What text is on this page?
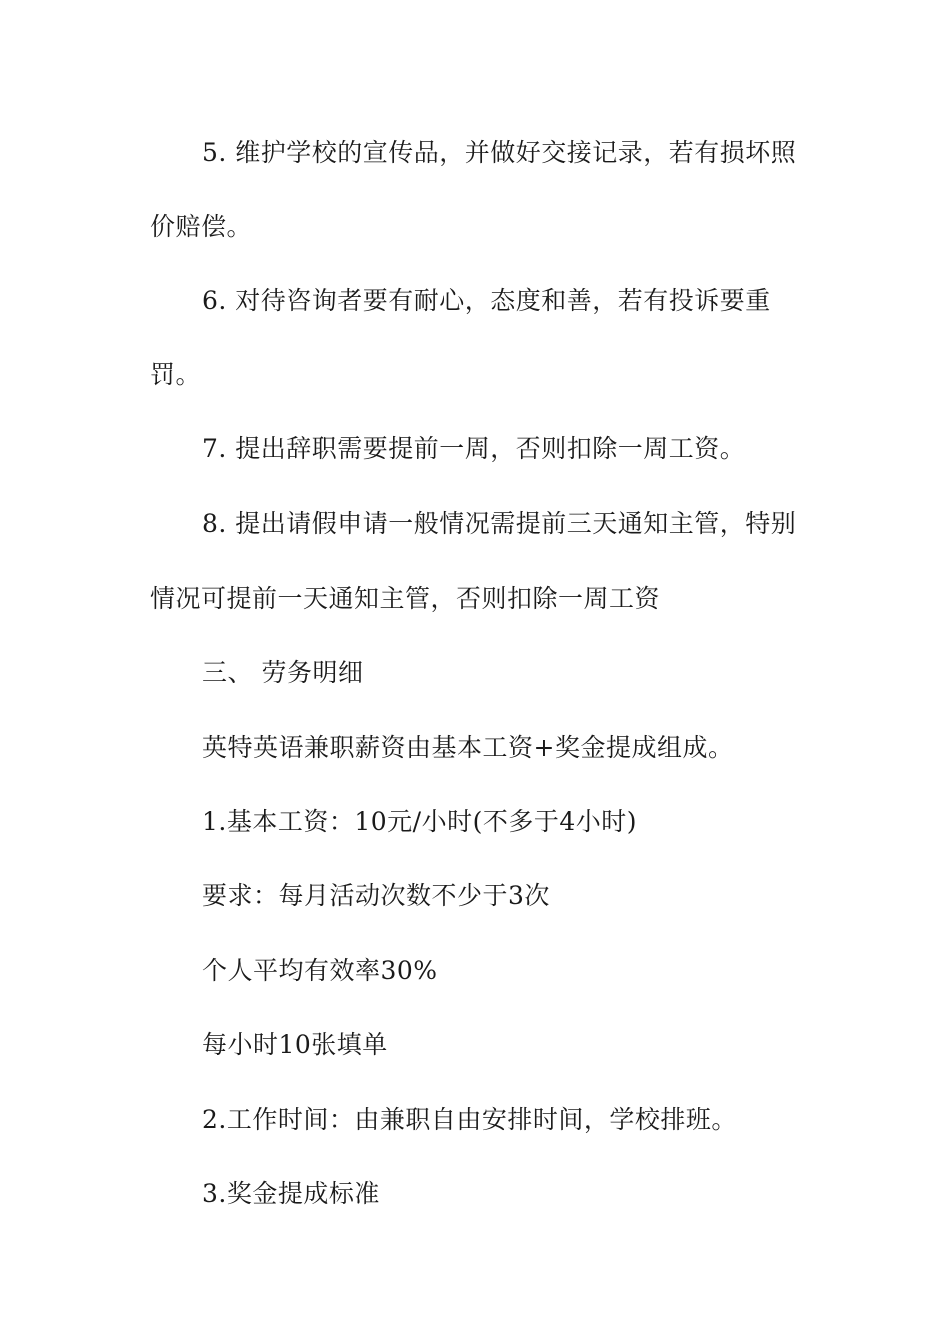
5. 维护学校的宣传品，并做好交接记录，若有损坏照
价赔偿。
6. 对待咨询者要有耐心，态度和善，若有投诉要重
罚。
7. 提出辞职需要提前一周，否则扣除一周工资。
8. 提出请假申请一般情况需提前三天通知主管，特别
情况可提前一天通知主管，否则扣除一周工资
三、 劳务明细
英特英语兼职薪资由基本工资+奖金提成组成。
1.基本工资：10元/小时(不多于4小时)
要求：每月活动次数不少于3次
个人平均有效率30%
每小时10张填单
2.工作时间：由兼职自由安排时间，学校排班。
3.奖金提成标准
